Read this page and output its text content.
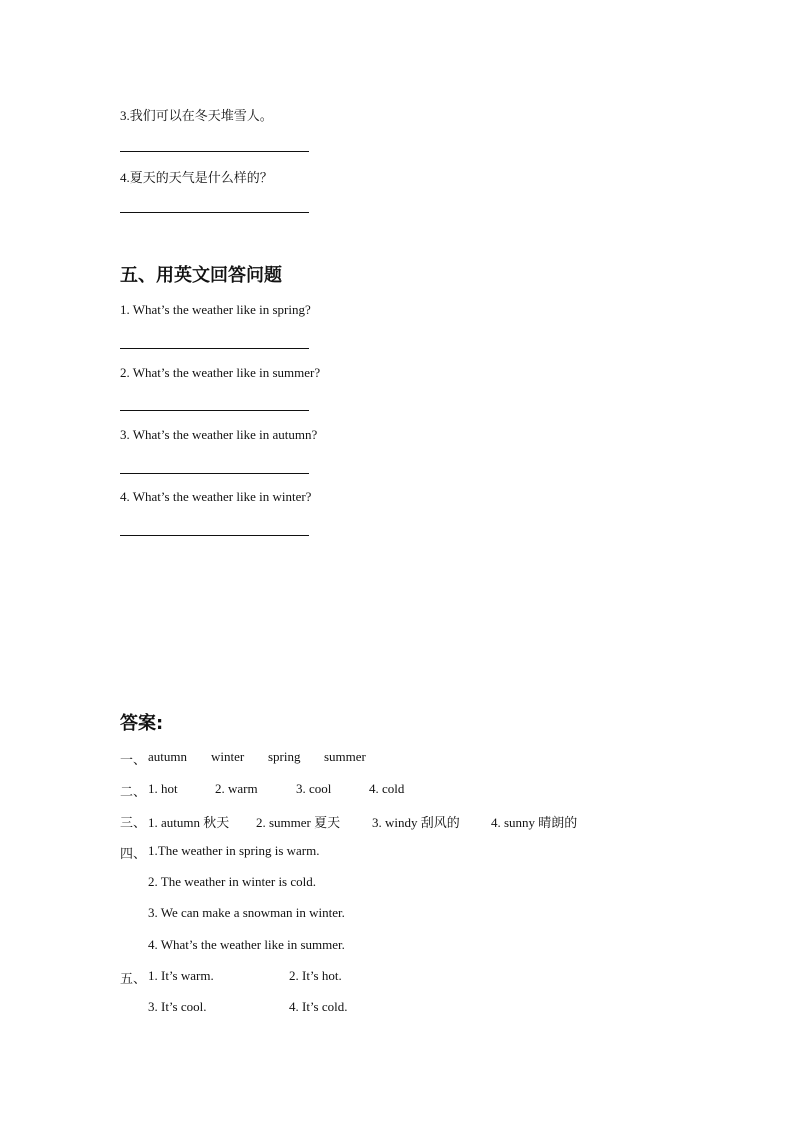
3.我们可以在冬天堆雪人。
4.夏天的天气是什么样的？
五、用英文回答问题
1. What’s the weather like in spring?
2. What’s the weather like in summer?
3. What’s the weather like in autumn?
4. What’s the weather like in winter?
答案:
一、 autumn winter spring summer
二、 1. hot	2. warm	3. cool	4. cold
三、 1. autumn 秋天 2. summer 夏天 3. windy 刮风的 4. sunny 晴朗的
四、 1.The weather in spring is warm.
2. The weather in winter is cold.
3. We can make a snowman in winter.
4. What’s the weather like in summer.
五、 1. It’s warm.	2. It’s hot.
3. It’s cool.	4. It’s cold.
